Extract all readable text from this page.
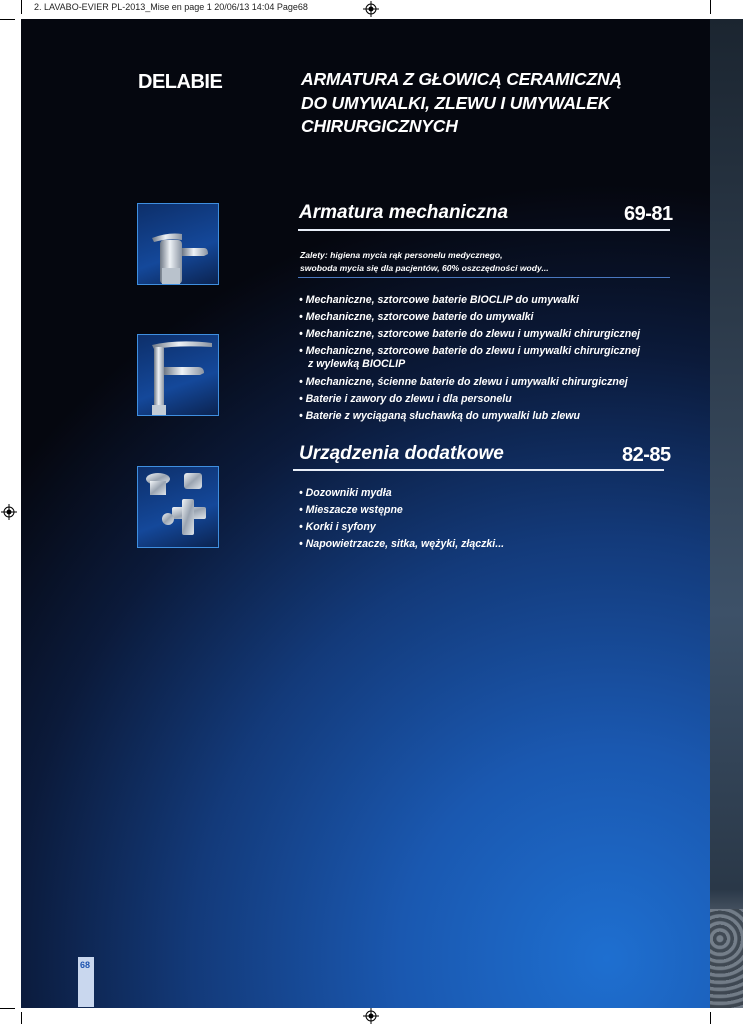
2. LAVABO-EVIER PL-2013_Mise en page 1 20/06/13 14:04 Page68
DELABIE	ARMATURA Z GŁOWICĄ CERAMICZNĄ
DO UMYWALKI, ZLEWU I UMYWALEK
CHIRURGICZNYCH
Armatura mechaniczna	69-81
Zalety: higiena mycia rąk personelu medycznego,
swoboda mycia się dla pacjentów, 60% oszczędności wody...
• Mechaniczne, sztorcowe baterie BIOCLIP do umywalki
• Mechaniczne, sztorcowe baterie do umywalki
• Mechaniczne, sztorcowe baterie do zlewu i umywalki chirurgicznej
• Mechaniczne, sztorcowe baterie do zlewu i umywalki chirurgicznej
z wylewką BIOCLIP
• Mechaniczne, ścienne baterie do zlewu i umywalki chirurgicznej
• Baterie i zawory do zlewu i dla personelu
• Baterie z wyciąganą słuchawką do umywalki lub zlewu
Urządzenia dodatkowe	82-85
• Dozowniki mydła
• Mieszacze wstępne
• Korki i syfony
• Napowietrzacze, sitka, wężyki, złączki...
68
